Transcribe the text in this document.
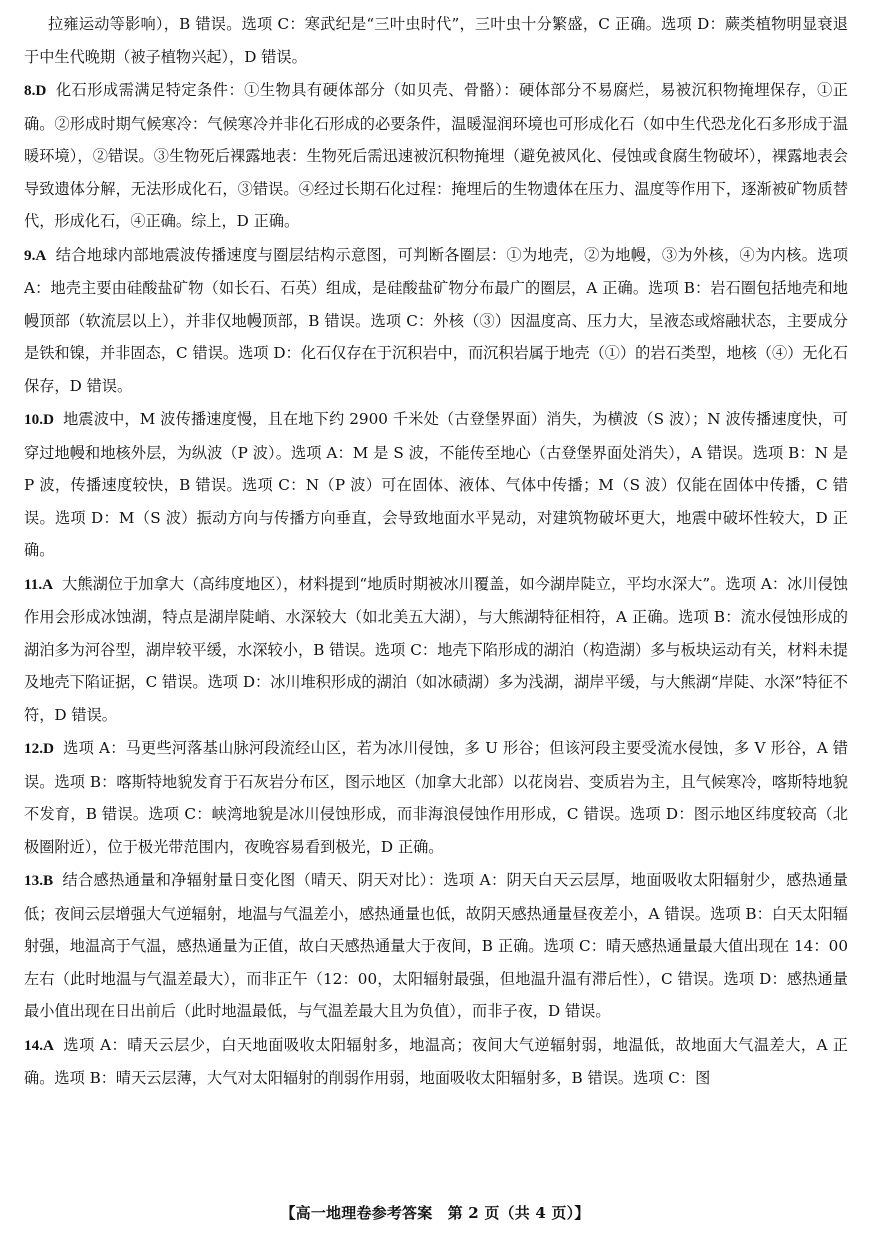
拉雍运动等影响），B 错误。选项 C：寒武纪是“三叶虫时代”，三叶虫十分繁盛，C 正确。选项 D：蕨类植物明显衰退于中生代晚期（被子植物兴起），D 错误。

8.D 化石形成需满足特定条件：①生物具有硬体部分（如贝壳、骨骼）：硬体部分不易腐烂，易被沉积物掩埋保存，①正确。②形成时期气候寒冷：气候寒冷并非化石形成的必要条件，温暖湿润环境也可形成化石（如中生代恐龙化石多形成于温暖环境），②错误。③生物死后裸露地表：生物死后需迅速被沉积物掩埋（避免被风化、侵蚀或食腐生物破坏），裸露地表会导致遗体分解，无法形成化石，③错误。④经过长期石化过程：掩埋后的生物遗体在压力、温度等作用下，逐渐被矿物质替代，形成化石，④正确。综上，D 正确。

9.A 结合地球内部地震波传播速度与圈层结构示意图，可判断各圈层：①为地壳，②为地幔，③为外核，④为内核。选项 A：地壳主要由硅酸盐矿物（如长石、石英）组成，是硅酸盐矿物分布最广的圈层，A 正确。选项 B：岩石圈包括地壳和地幔顶部（软流层以上），并非仅地幔顶部，B 错误。选项 C：外核（③）因温度高、压力大，呈液态或熔融状态，主要成分是铁和镍，并非固态，C 错误。选项 D：化石仅存在于沉积岩中，而沉积岩属于地壳（①）的岩石类型，地核（④）无化石保存，D 错误。

10.D 地震波中，M 波传播速度慢，且在地下约 2900 千米处（古登堡界面）消失，为横波（S 波）；N 波传播速度快，可穿过地幔和地核外层，为纵波（P 波）。选项 A：M 是 S 波，不能传至地心（古登堡界面处消失），A 错误。选项 B：N 是 P 波，传播速度较快，B 错误。选项 C：N（P 波）可在固体、液体、气体中传播；M（S 波）仅能在固体中传播，C 错误。选项 D：M（S 波）振动方向与传播方向垂直，会导致地面水平晃动，对建筑物破坏更大，地震中破坏性较大，D 正确。

11.A 大熊湖位于加拿大（高纬度地区），材料提到“地质时期被冰川覆盖，如今湖岸陡立，平均水深大”。选项 A：冰川侵蚀作用会形成冰蚀湖，特点是湖岸陡峭、水深较大（如北美五大湖），与大熊湖特征相符，A 正确。选项 B：流水侵蚀形成的湖泊多为河谷型，湖岸较平缓，水深较小，B 错误。选项 C：地壳下陷形成的湖泊（构造湖）多与板块运动有关，材料未提及地壳下陷证据，C 错误。选项 D：冰川堆积形成的湖泊（如冰碛湖）多为浅湖，湖岸平缓，与大熊湖“岸陡、水深”特征不符，D 错误。

12.D 选项 A：马更些河落基山脉河段流经山区，若为冰川侵蚀，多 U 形谷；但该河段主要受流水侵蚀，多 V 形谷，A 错误。选项 B：喀斯特地貌发育于石灰岩分布区，图示地区（加拿大北部）以花岗岩、变质岩为主，且气候寒冷，喀斯特地貌不发育，B 错误。选项 C：峡湾地貌是冰川侵蚀形成，而非海浪侵蚀作用形成，C 错误。选项 D：图示地区纬度较高（北极圈附近），位于极光带范围内，夜晚容易看到极光，D 正确。

13.B 结合感热通量和净辐射量日变化图（晴天、阴天对比）：选项 A：阴天白天云层厚，地面吸收太阳辐射少，感热通量低；夜间云层增强大气逆辐射，地温与气温差小，感热通量也低，故阴天感热通量昼夜差小，A 错误。选项 B：白天太阳辐射强，地温高于气温，感热通量为正值，故白天感热通量大于夜间，B 正确。选项 C：晴天感热通量最大值出现在 14：00 左右（此时地温与气温差最大），而非正午（12：00，太阳辐射最强，但地温升温有滞后性），C 错误。选项 D：感热通量最小值出现在日出前后（此时地温最低，与气温差最大且为负值），而非子夜，D 错误。

14.A 选项 A：晴天云层少，白天地面吸收太阳辐射多，地温高；夜间大气逆辐射弱，地温低，故地面大气温差大，A 正确。选项 B：晴天云层薄，大气对太阳辐射的削弱作用弱，地面吸收太阳辐射多，B 错误。选项 C：图

【高一地理卷参考答案　第 2 页（共 4 页）】
